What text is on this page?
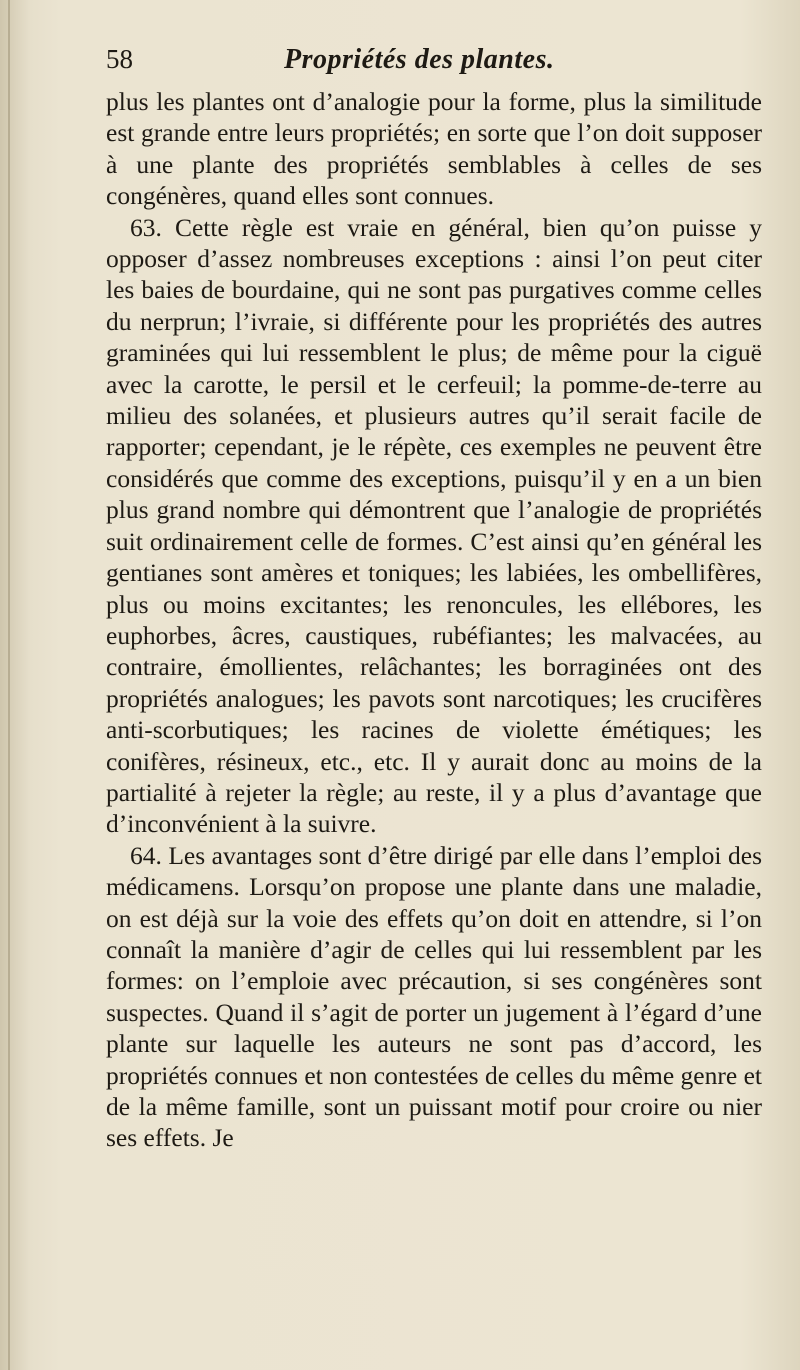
58	Propriétés des plantes.

plus les plantes ont d’analogie pour la forme, plus la similitude est grande entre leurs propriétés; en sorte que l’on doit supposer à une plante des propriétés semblables à celles de ses congénères, quand elles sont connues.

63. Cette règle est vraie en général, bien qu’on puisse y opposer d’assez nombreuses exceptions : ainsi l’on peut citer les baies de bourdaine, qui ne sont pas purgatives comme celles du nerprun; l’ivraie, si différente pour les propriétés des autres graminées qui lui ressemblent le plus; de même pour la ciguë avec la carotte, le persil et le cerfeuil; la pomme-de-terre au milieu des solanées, et plusieurs autres qu’il serait facile de rapporter; cependant, je le répète, ces exemples ne peuvent être considérés que comme des exceptions, puisqu’il y en a un bien plus grand nombre qui démontrent que l’analogie de propriétés suit ordinairement celle de formes. C’est ainsi qu’en général les gentianes sont amères et toniques; les labiées, les ombellifères, plus ou moins excitantes; les renoncules, les ellébores, les euphorbes, âcres, caustiques, rubéfiantes; les malvacées, au contraire, émollientes, relâchantes; les borraginées ont des propriétés analogues; les pavots sont narcotiques; les crucifères anti-scorbutiques; les racines de violette émétiques; les conifères, résineux, etc., etc. Il y aurait donc au moins de la partialité à rejeter la règle; au reste, il y a plus d’avantage que d’inconvénient à la suivre.

64. Les avantages sont d’être dirigé par elle dans l’emploi des médicamens. Lorsqu’on propose une plante dans une maladie, on est déjà sur la voie des effets qu’on doit en attendre, si l’on connaît la manière d’agir de celles qui lui ressemblent par les formes: on l’emploie avec précaution, si ses congénères sont suspectes. Quand il s’agit de porter un jugement à l’égard d’une plante sur laquelle les auteurs ne sont pas d’accord, les propriétés connues et non contestées de celles du même genre et de la même famille, sont un puissant motif pour croire ou nier ses effets. Je
